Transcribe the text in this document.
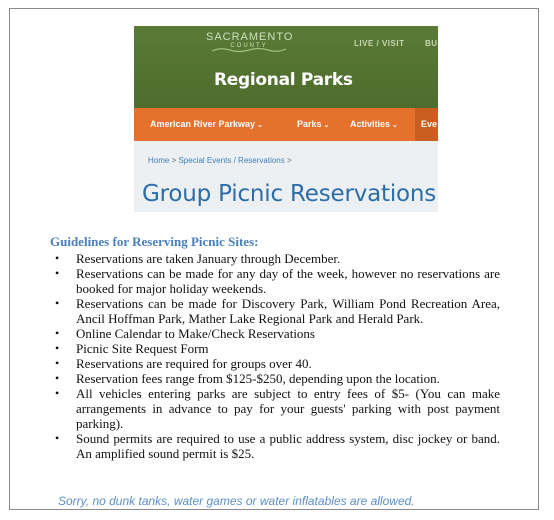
SACRAMENTO
COUNTY	LIVE / VISIT	BU
Regional Parks
American River Parkway ⌄	Parks ⌄ Activities ⌄	Eve
Home > Special Events / Reservations >
Group Picnic Reservations
Guidelines for Reserving Picnic Sites:
• Reservations are taken January through December.
• Reservations can be made for any day of the week, however no reservations are booked for major holiday weekends.
• Reservations can be made for Discovery Park, William Pond Recreation Area, Ancil Hoffman Park, Mather Lake Regional Park and Herald Park.
• Online Calendar to Make/Check Reservations
• Picnic Site Request Form
• Reservations are required for groups over 40.
• Reservation fees range from $125-$250, depending upon the location.
• All vehicles entering parks are subject to entry fees of $5- (You can make arrangements in advance to pay for your guests' parking with post payment parking).
• Sound permits are required to use a public address system, disc jockey or band. An amplified sound permit is $25.
Sorry, no dunk tanks, water games or water inflatables are allowed.
